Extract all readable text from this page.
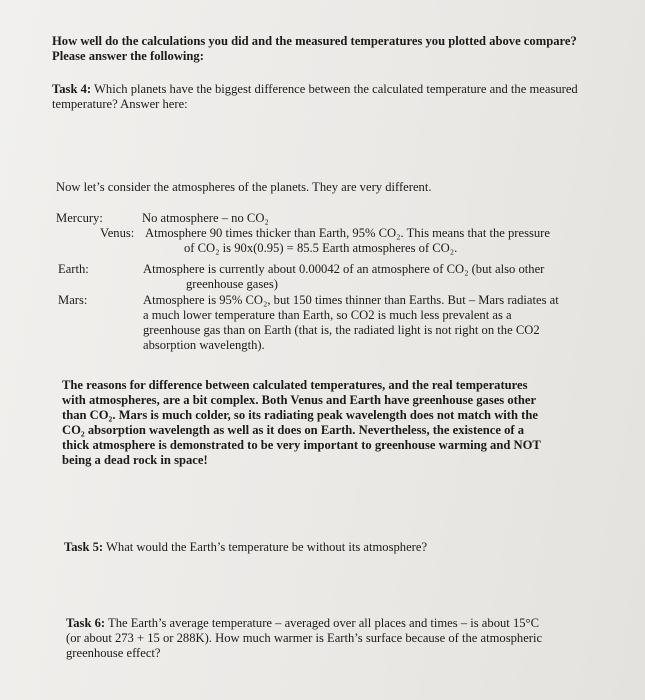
How well do the calculations you did and the measured temperatures you plotted above compare? Please answer the following:

Task 4: Which planets have the biggest difference between the calculated temperature and the measured temperature? Answer here:

Now let’s consider the atmospheres of the planets. They are very different.

Mercury:	No atmosphere – no CO₂
Venus: Atmosphere 90 times thicker than Earth, 95% CO₂. This means that the pressure
of CO₂ is 90x(0.95) = 85.5 Earth atmospheres of CO₂.
Earth:	Atmosphere is currently about 0.00042 of an atmosphere of CO₂ (but also other
greenhouse gases)
Mars:	Atmosphere is 95% CO₂, but 150 times thinner than Earths. But – Mars radiates at
a much lower temperature than Earth, so CO2 is much less prevalent as a
greenhouse gas than on Earth (that is, the radiated light is not right on the CO2
absorption wavelength).

The reasons for difference between calculated temperatures, and the real temperatures

with atmospheres, are a bit complex. Both Venus and Earth have greenhouse gases other

than CO₂. Mars is much colder, so its radiating peak wavelength does not match with the

CO₂ absorption wavelength as well as it does on Earth. Nevertheless, the existence of a

thick atmosphere is demonstrated to be very important to greenhouse warming and NOT

being a dead rock in space!

Task 5: What would the Earth’s temperature be without its atmosphere?

Task 6: The Earth’s average temperature – averaged over all places and times – is about 15°C

(or about 273 + 15 or 288K). How much warmer is Earth’s surface because of the atmospheric

greenhouse effect?
